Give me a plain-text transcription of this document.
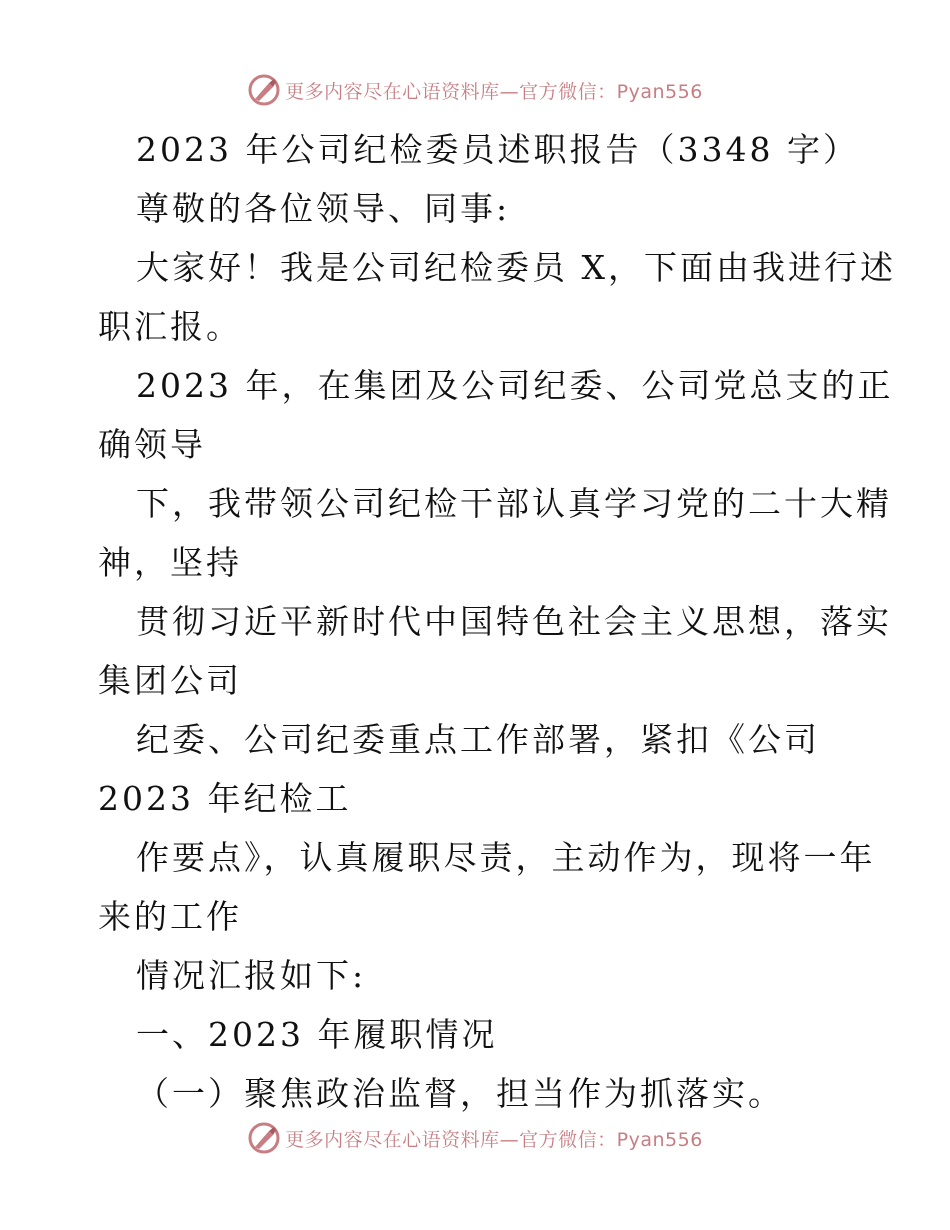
更多内容尽在心语资料库—官方微信：Pyan556
2023 年公司纪检委员述职报告（3348 字）
尊敬的各位领导、同事:
大家好！我是公司纪检委员 X，下面由我进行述
职汇报。
2023 年，在集团及公司纪委、公司党总支的正
确领导
下，我带领公司纪检干部认真学习党的二十大精
神，坚持
贯彻习近平新时代中国特色社会主义思想，落实
集团公司
纪委、公司纪委重点工作部署，紧扣《公司
2023 年纪检工
作要点》，认真履职尽责，主动作为，现将一年
来的工作
情况汇报如下:
一、2023 年履职情况
（一）聚焦政治监督，担当作为抓落实。
更多内容尽在心语资料库—官方微信：Pyan556
